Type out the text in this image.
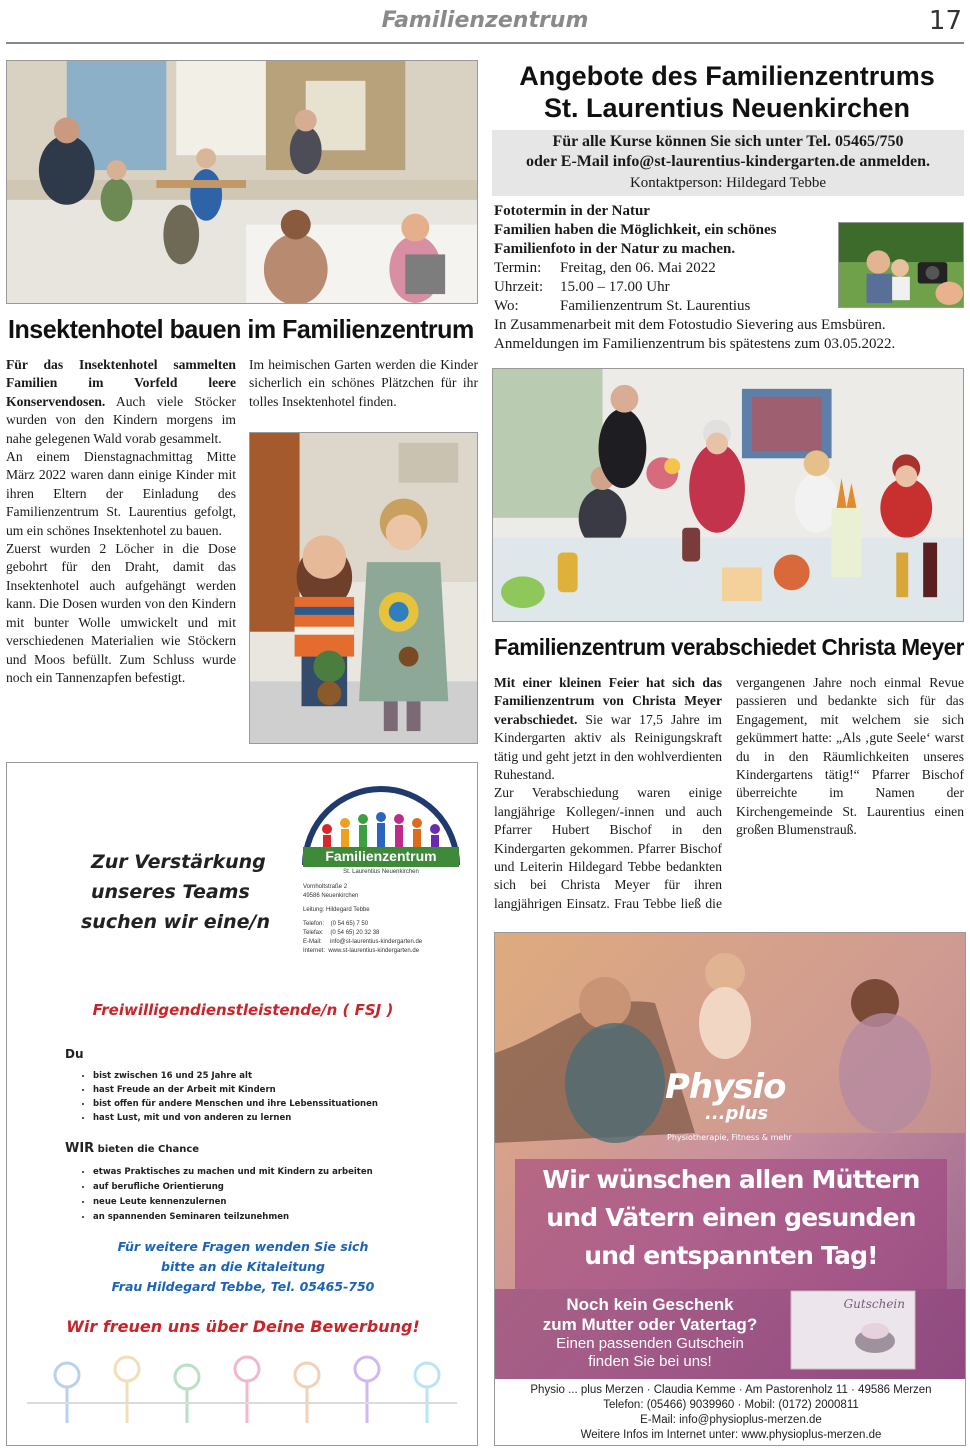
Familienzentrum	17
Insektenhotel bauen im Familienzentrum

Für das Insektenhotel sammelten Familien im Vorfeld leere Konservendosen. Auch viele Stöcker wurden von den Kindern morgens im nahe gelegenen Wald vorab gesammelt.

An einem Dienstagnachmittag Mitte März 2022 waren dann einige Kinder mit ihren Eltern der Einladung des Familienzentrum St. Laurentius gefolgt, um ein schönes Insektenhotel zu bauen.

Zuerst wurden 2 Löcher in die Dose gebohrt für den Draht, damit das Insektenhotel auch aufgehängt werden kann. Die Dosen wurden von den Kindern mit bunter Wolle umwickelt und mit verschiedenen Materialien wie Stöckern und Moos befüllt. Zum Schluss wurde noch ein Tannenzapfen befestigt.

Im heimischen Garten werden die Kinder sicherlich ein schönes Plätzchen für ihr tolles Insektenhotel finden.
Angebote des Familienzentrums
St. Laurentius Neuenkirchen
Für alle Kurse können Sie sich unter Tel. 05465/750
oder E-Mail info@st-laurentius-kindergarten.de anmelden.
Kontaktperson: Hildegard Tebbe
Fototermin in der Natur
Familien haben die Möglichkeit, ein schönes Familienfoto in der Natur zu machen.
Termin:	Freitag, den 06. Mai 2022
Uhrzeit:	15.00 – 17.00 Uhr
Wo:	Familienzentrum St. Laurentius
In Zusammenarbeit mit dem Fotostudio Sievering aus Emsbüren.
Anmeldungen im Familienzentrum bis spätestens zum 03.05.2022.
Familienzentrum verabschiedet Christa Meyer

Mit einer kleinen Feier hat sich das Familienzentrum von Christa Meyer verabschiedet. Sie war 17,5 Jahre im Kindergarten aktiv als Reinigungskraft tätig und geht jetzt in den wohlverdienten Ruhestand.

Zur Verabschiedung waren einige langjährige Kollegen/-innen und auch Pfarrer Hubert Bischof in den Kindergarten gekommen. Pfarrer Bischof und Leiterin Hildegard Tebbe bedankten sich bei Christa Meyer für ihren langjährigen Einsatz. Frau Tebbe ließ die vergangenen Jahre noch einmal Revue passieren und bedankte sich für das Engagement, mit welchem sie sich gekümmert hatte: „Als ‚gute Seele‘ warst du in den Räumlichkeiten unseres Kindergartens tätig!“ Pfarrer Bischof überreichte im Namen der Kirchengemeinde St. Laurentius einen großen Blumenstrauß.

Familienzentrum
St. Laurentius Neuenkirchen
Vornholtstraße 2
49586 Neuenkirchen
Leitung: Hildegard Tebbe
Telefon:    (0 54 65) 7 50
Telefax:    (0 54 65) 20 32 38
E-Mail:     info@st-laurentius-kindergarten.de
Internet:  www.st-laurentius-kindergarten.de
Zur Verstärkung
unseres Teams
suchen wir eine/n
Freiwilligendienstleistende/n ( FSJ )
Du
• bist zwischen 16 und 25 Jahre alt
• hast Freude an der Arbeit mit Kindern
• bist offen für andere Menschen und ihre Lebenssituationen
• hast Lust, mit und von anderen zu lernen
WIR bieten die Chance
• etwas Praktisches zu machen und mit Kindern zu arbeiten
• auf berufliche Orientierung
• neue Leute kennenzulernen
• an spannenden Seminaren teilzunehmen
Für weitere Fragen wenden Sie sich
bitte an die Kitaleitung
Frau Hildegard Tebbe, Tel. 05465-750
Wir freuen uns über Deine Bewerbung!
Physio
...plus
Physiotherapie, Fitness & mehr
Wir wünschen allen Müttern
und Vätern einen gesunden
und entspannten Tag!
Noch kein Geschenk
zum Mutter oder Vatertag?
Einen passenden Gutschein
finden Sie bei uns!
Gutschein
Physio ... plus Merzen · Claudia Kemme · Am Pastorenholz 11 · 49586 Merzen
Telefon: (05466) 9039960 · Mobil: (0172) 2000811
E-Mail: info@physioplus-merzen.de
Weitere Infos im Internet unter: www.physioplus-merzen.de
